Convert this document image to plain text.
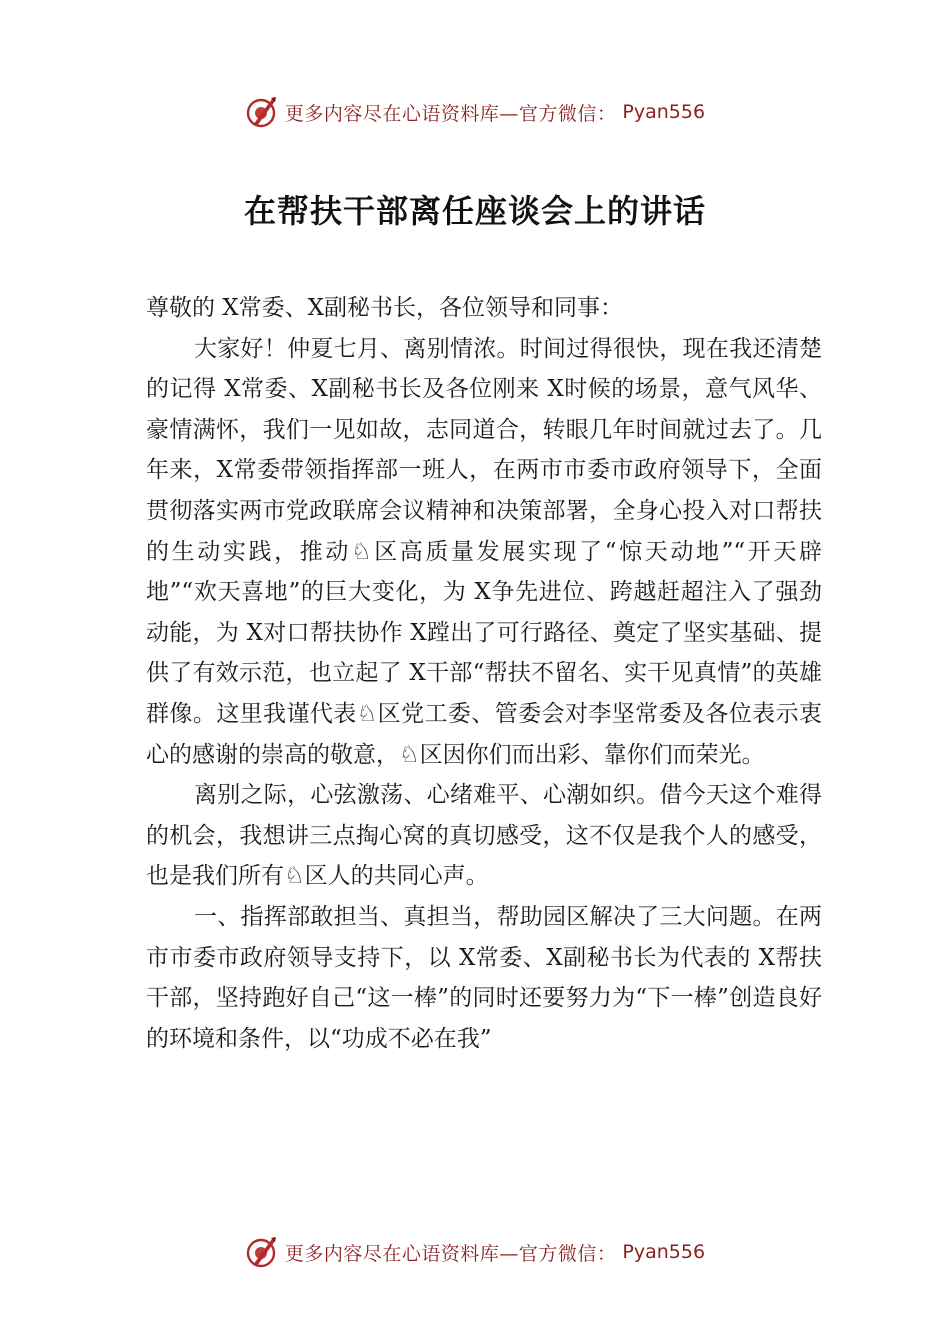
更多内容尽在心语资料库—官方微信： Pyan556
在帮扶干部离任座谈会上的讲话

尊敬的 X常委、X副秘书长，各位领导和同事：

大家好！仲夏七月、离别情浓。时间过得很快，现在我还清楚的记得 X常委、X副秘书长及各位刚来 X时候的场景，意气风华、豪情满怀，我们一见如故，志同道合，转眼几年时间就过去了。几年来，X常委带领指挥部一班人，在两市市委市政府领导下，全面贯彻落实两市党政联席会议精神和决策部署，全身心投入对口帮扶的生动实践，推动♘区高质量发展实现了“惊天动地”“开天辟地”“欢天喜地”的巨大变化，为 X争先进位、跨越赶超注入了强劲动能，为 X对口帮扶协作 X蹚出了可行路径、奠定了坚实基础、提供了有效示范，也立起了 X干部“帮扶不留名、实干见真情”的英雄群像。这里我谨代表♘区党工委、管委会对李坚常委及各位表示衷心的感谢的崇高的敬意，♘区因你们而出彩、靠你们而荣光。

离别之际，心弦激荡、心绪难平、心潮如织。借今天这个难得的机会，我想讲三点掏心窝的真切感受，这不仅是我个人的感受，也是我们所有♘区人的共同心声。

一、指挥部敢担当、真担当，帮助园区解决了三大问题。在两市市委市政府领导支持下，以 X常委、X副秘书长为代表的 X帮扶干部，坚持跑好自己“这一棒”的同时还要努力为“下一棒”创造良好的环境和条件，以“功成不必在我”

更多内容尽在心语资料库—官方微信： Pyan556
